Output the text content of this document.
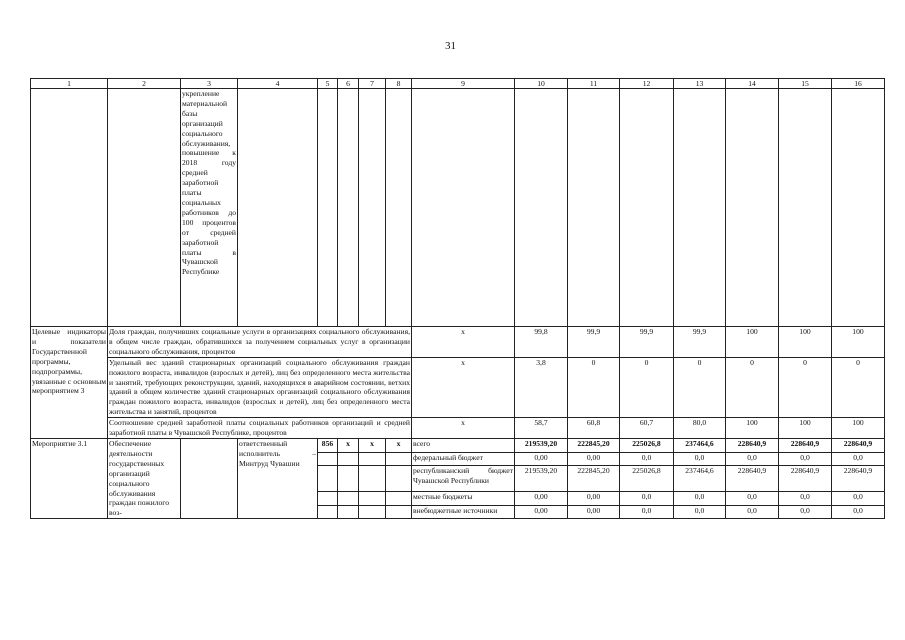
31
1	2	3	4	5	6	7	8	9	10	11	12	13	14	15	16
		укрепление материальной базы организаций социального обслуживания, повышение к 2018 году средней заработной платы социальных работников до 100 процентов от средней заработной платы в Чувашской Республике													
Целевые индикаторы и показатели Государственной программы, подпрограммы, увязанные с основным мероприятием 3	Доля граждан, получивших социальные услуги в организациях социального обслуживания, в общем числе граждан, обратившихся за получением социальных услуг в организации социального обслуживания, процентов							х	99,8	99,9	99,9	99,9	100	100	100
	Удельный вес зданий стационарных организаций социального обслуживания граждан пожилого возраста, инвалидов (взрослых и детей), лиц без определенного места жительства и занятий, требующих реконструкции, зданий, находящихся в аварийном состоянии, ветхих зданий в общем количестве зданий стационарных организаций социального обслуживания граждан пожилого возраста, инвалидов (взрослых и детей), лиц без определенного места жительства и занятий, процентов							х	3,8	0	0	0	0	0	0
	Соотношение средней заработной платы социальных работников организаций и средней заработной платы в Чувашской Республике, процентов							х	58,7	60,8	60,7	80,0	100	100	100
Мероприятие 3.1	Обеспечение деятельности государственных организаций социального обслуживания граждан пожилого воз-		ответственный исполнитель – Минтруд Чувашии	856	х	х	х	всего	219539,20	222845,20	225026,8	237464,6	228640,9	228640,9	228640,9
								федеральный бюджет	0,00	0,00	0,0	0,0	0,0	0,0	0,0
								республиканский бюджет Чувашской Республики	219539,20	222845,20	225026,8	237464,6	228640,9	228640,9	228640,9
								местные бюджеты	0,00	0,00	0,0	0,0	0,0	0,0	0,0
								внебюджетные источники	0,00	0,00	0,0	0,0	0,0	0,0	0,0
